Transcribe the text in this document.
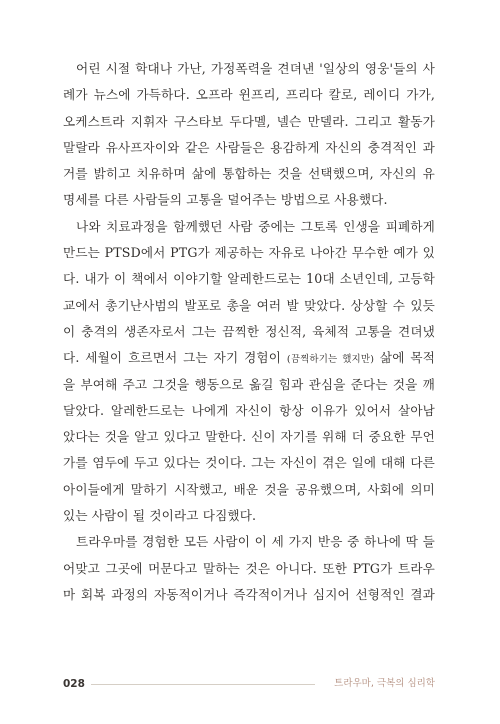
어린 시절 학대나 가난, 가정폭력을 견뎌낸 '일상의 영웅'들의 사
례가 뉴스에 가득하다. 오프라 윈프리, 프리다 칼로, 레이디 가가,
오케스트라 지휘자 구스타보 두다멜, 넬슨 만델라. 그리고 활동가
말랄라 유사프자이와 같은 사람들은 용감하게 자신의 충격적인 과
거를 밝히고 치유하며 삶에 통합하는 것을 선택했으며, 자신의 유
명세를 다른 사람들의 고통을 덜어주는 방법으로 사용했다.
나와 치료과정을 함께했던 사람 중에는 그토록 인생을 피폐하게
만드는 PTSD에서 PTG가 제공하는 자유로 나아간 무수한 예가 있
다. 내가 이 책에서 이야기할 알레한드로는 10대 소년인데, 고등학
교에서 총기난사범의 발포로 총을 여러 발 맞았다. 상상할 수 있듯
이 충격의 생존자로서 그는 끔찍한 정신적, 육체적 고통을 견뎌냈
다. 세월이 흐르면서 그는 자기 경험이 (끔찍하기는 했지만) 삶에 목적
을 부여해 주고 그것을 행동으로 옮길 힘과 관심을 준다는 것을 깨
달았다. 알레한드로는 나에게 자신이 항상 이유가 있어서 살아남
았다는 것을 알고 있다고 말한다. 신이 자기를 위해 더 중요한 무언
가를 염두에 두고 있다는 것이다. 그는 자신이 겪은 일에 대해 다른
아이들에게 말하기 시작했고, 배운 것을 공유했으며, 사회에 의미
있는 사람이 될 것이라고 다짐했다.
트라우마를 경험한 모든 사람이 이 세 가지 반응 중 하나에 딱 들
어맞고 그곳에 머문다고 말하는 것은 아니다. 또한 PTG가 트라우
마 회복 과정의 자동적이거나 즉각적이거나 심지어 선형적인 결과
028	트라우마, 극복의 심리학
